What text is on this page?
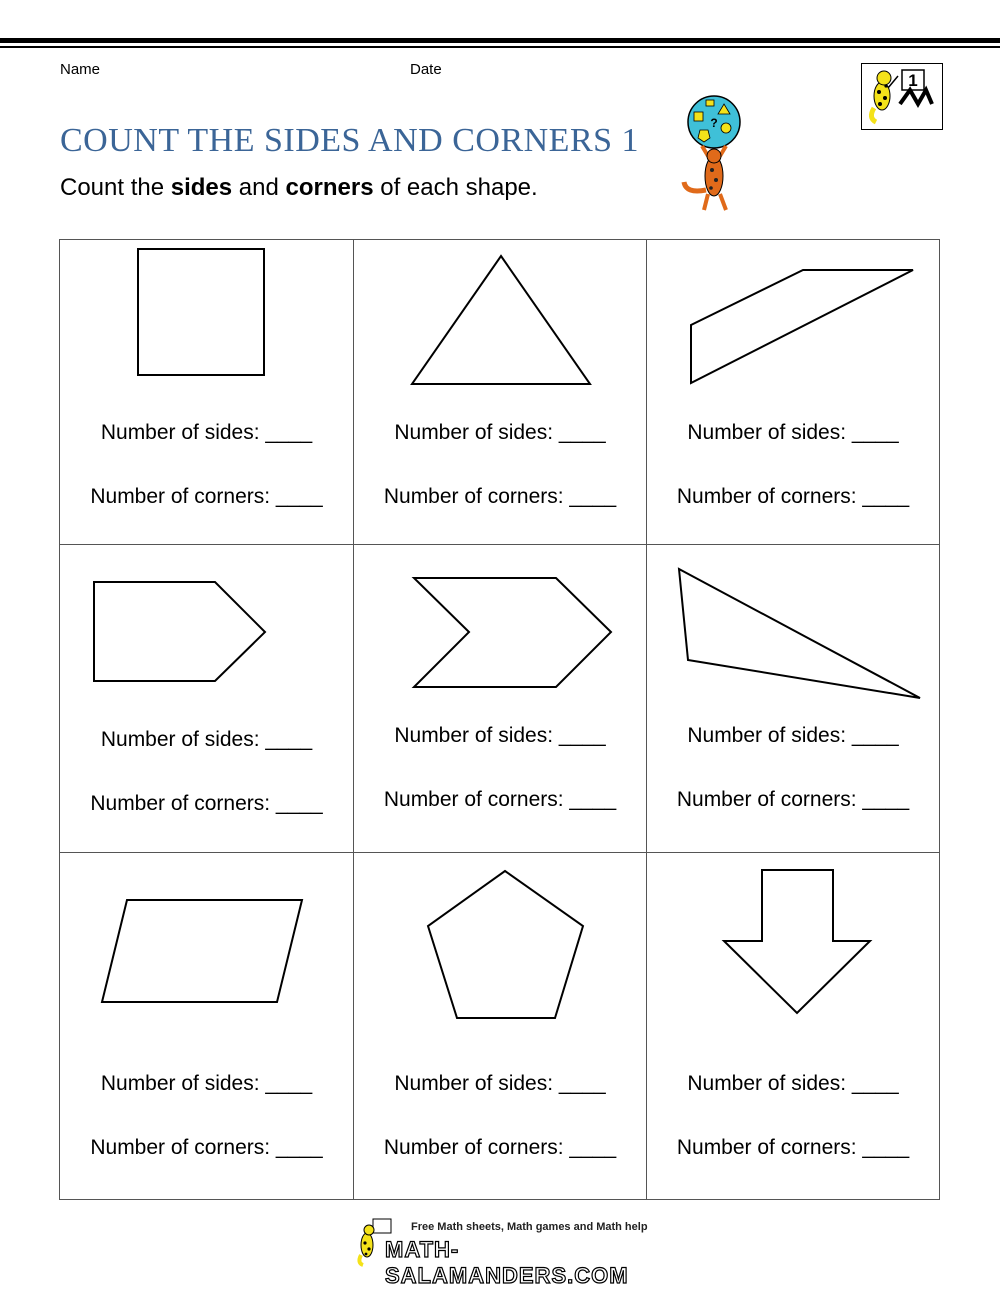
Name	Date
1
?
COUNT THE SIDES AND CORNERS 1

Count the sides and corners of each shape.

Number of sides: ____
Number of corners: ____
Number of sides: ____
Number of corners: ____
Number of sides: ____
Number of corners: ____
Number of sides: ____
Number of corners: ____
Number of sides: ____
Number of corners: ____
Number of sides: ____
Number of corners: ____
Number of sides: ____
Number of corners: ____
Number of sides: ____
Number of corners: ____
Number of sides: ____
Number of corners: ____
Free Math sheets, Math games and Math help
MATH-SALAMANDERS.COM
